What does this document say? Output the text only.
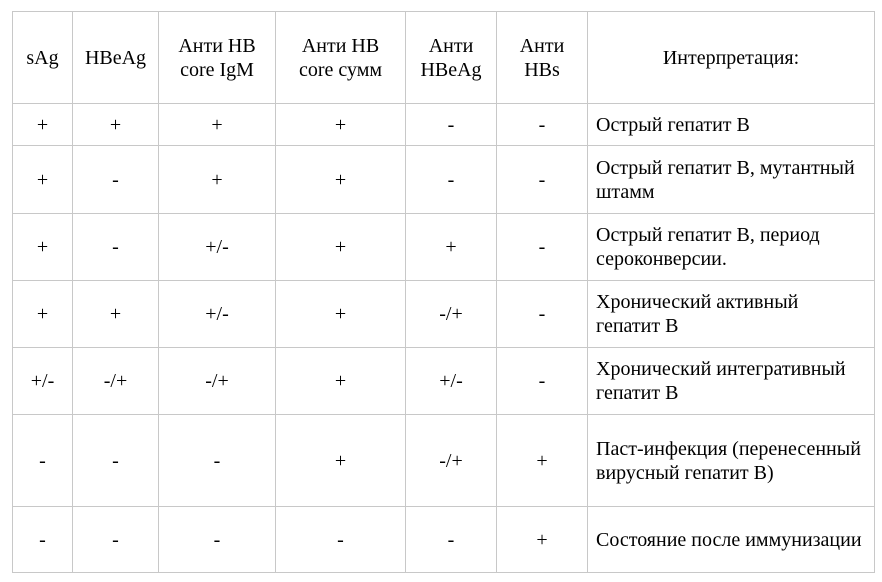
sAg	HBeAg	Анти HB core IgM	Анти HB core сумм	Анти HBeAg	Анти HBs	Интерпретация:
+	+	+	+	-	-	Острый гепатит В
+	-	+	+	-	-	Острый гепатит В, мутантный штамм
+	-	+/-	+	+	-	Острый гепатит В, период сероконверсии.
+	+	+/-	+	-/+	-	Хронический активный гепатит В
+/-	-/+	-/+	+	+/-	-	Хронический интегративный гепатит В
-	-	-	+	-/+	+	Паст-инфекция (перенесенный вирусный гепатит В)
-	-	-	-	-	+	Состояние после иммунизации
